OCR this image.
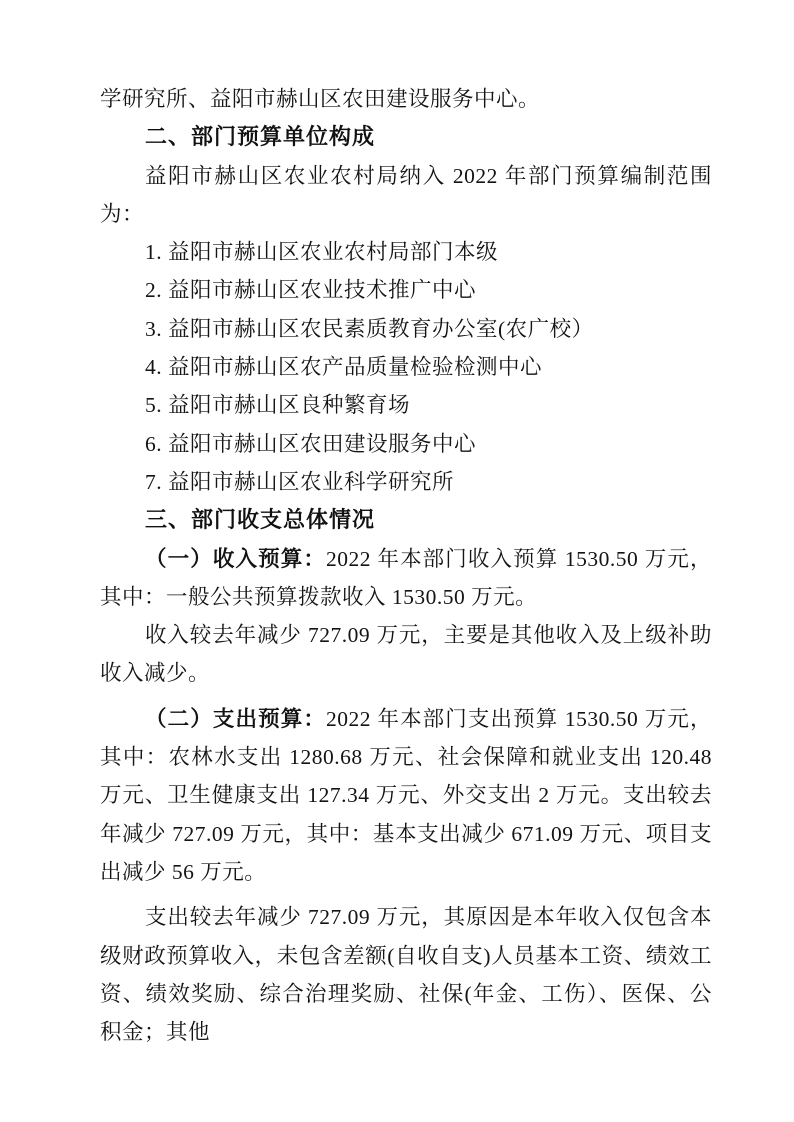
学研究所、益阳市赫山区农田建设服务中心。

二、部门预算单位构成

益阳市赫山区农业农村局纳入 2022 年部门预算编制范围为：

1. 益阳市赫山区农业农村局部门本级

2. 益阳市赫山区农业技术推广中心

3. 益阳市赫山区农民素质教育办公室(农广校）

4. 益阳市赫山区农产品质量检验检测中心

5. 益阳市赫山区良种繁育场

6. 益阳市赫山区农田建设服务中心

7. 益阳市赫山区农业科学研究所

三、部门收支总体情况

（一）收入预算：2022 年本部门收入预算 1530.50 万元，其中：一般公共预算拨款收入 1530.50 万元。

收入较去年减少 727.09 万元，主要是其他收入及上级补助收入减少。

（二）支出预算：2022 年本部门支出预算 1530.50 万元，其中：农林水支出 1280.68 万元、社会保障和就业支出 120.48 万元、卫生健康支出 127.34 万元、外交支出 2 万元。支出较去年减少 727.09 万元，其中：基本支出减少 671.09 万元、项目支出减少 56 万元。

支出较去年减少 727.09 万元，其原因是本年收入仅包含本级财政预算收入，未包含差额(自收自支)人员基本工资、绩效工资、绩效奖励、综合治理奖励、社保(年金、工伤）、医保、公积金；其他
